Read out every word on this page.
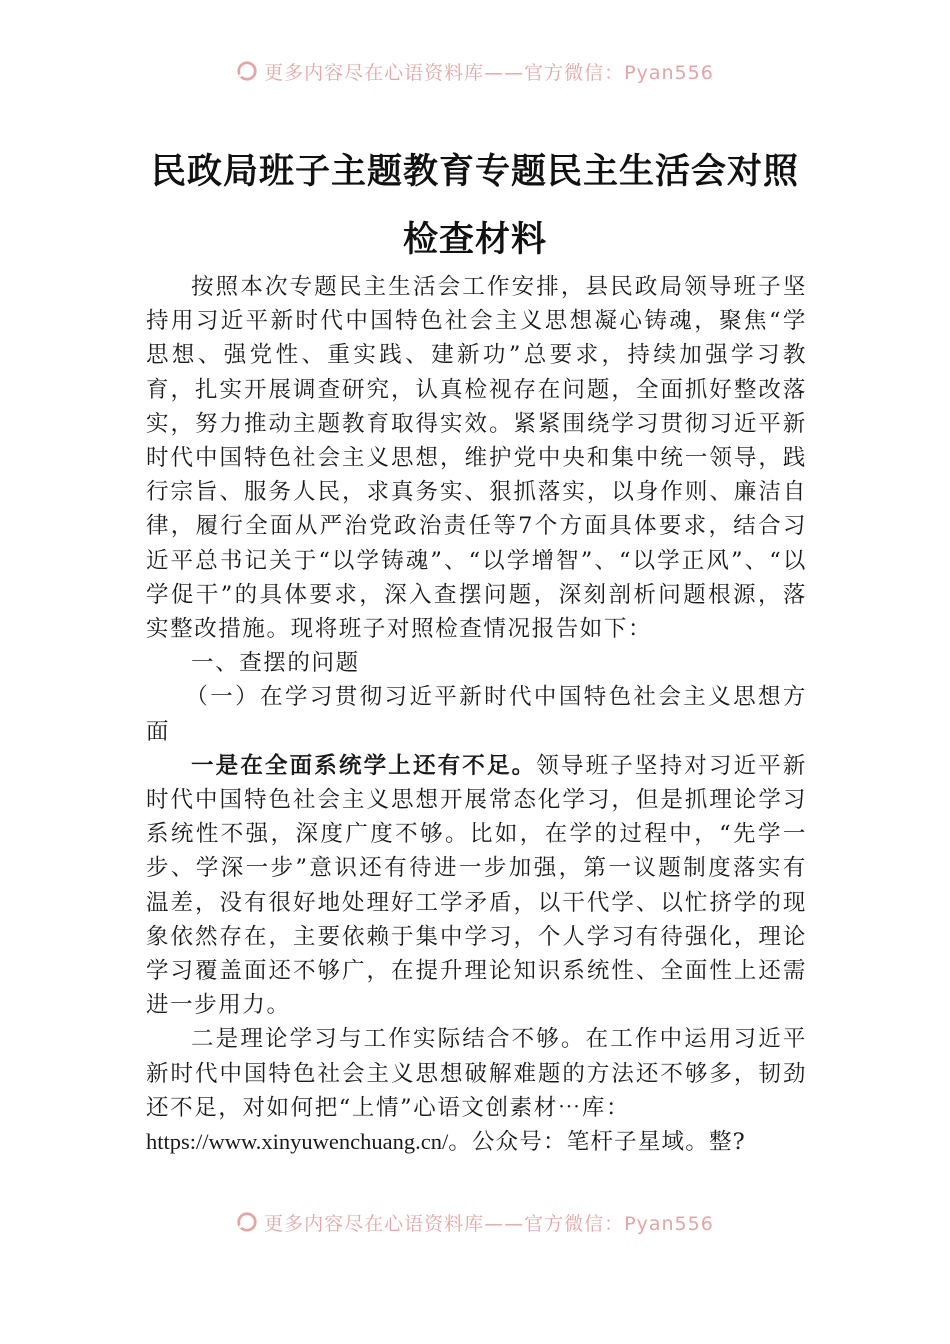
更多内容尽在心语资料库——官方微信：Pyan556
民政局班子主题教育专题民主生活会对照
检查材料

按照本次专题民主生活会工作安排，县民政局领导班子坚持用习近平新时代中国特色社会主义思想凝心铸魂，聚焦“学思想、强党性、重实践、建新功”总要求，持续加强学习教育，扎实开展调查研究，认真检视存在问题，全面抓好整改落实，努力推动主题教育取得实效。紧紧围绕学习贯彻习近平新时代中国特色社会主义思想，维护党中央和集中统一领导，践行宗旨、服务人民，求真务实、狠抓落实，以身作则、廉洁自律，履行全面从严治党政治责任等7个方面具体要求，结合习近平总书记关于“以学铸魂”、“以学增智”、“以学正风”、“以学促干”的具体要求，深入查摆问题，深刻剖析问题根源，落实整改措施。现将班子对照检查情况报告如下：

一、查摆的问题

（一）在学习贯彻习近平新时代中国特色社会主义思想方面

一是在全面系统学上还有不足。领导班子坚持对习近平新时代中国特色社会主义思想开展常态化学习，但是抓理论学习系统性不强，深度广度不够。比如，在学的过程中，“先学一步、学深一步”意识还有待进一步加强，第一议题制度落实有温差，没有很好地处理好工学矛盾，以干代学、以忙挤学的现象依然存在，主要依赖于集中学习，个人学习有待强化，理论学习覆盖面还不够广，在提升理论知识系统性、全面性上还需进一步用力。

二是理论学习与工作实际结合不够。在工作中运用习近平新时代中国特色社会主义思想破解难题的方法还不够多，韧劲还不足，对如何把“上情”心语文创素材⋯库：

https://www.xinyuwenchuang.cn/。公众号：笔杆子星域。整?

更多内容尽在心语资料库——官方微信：Pyan556
